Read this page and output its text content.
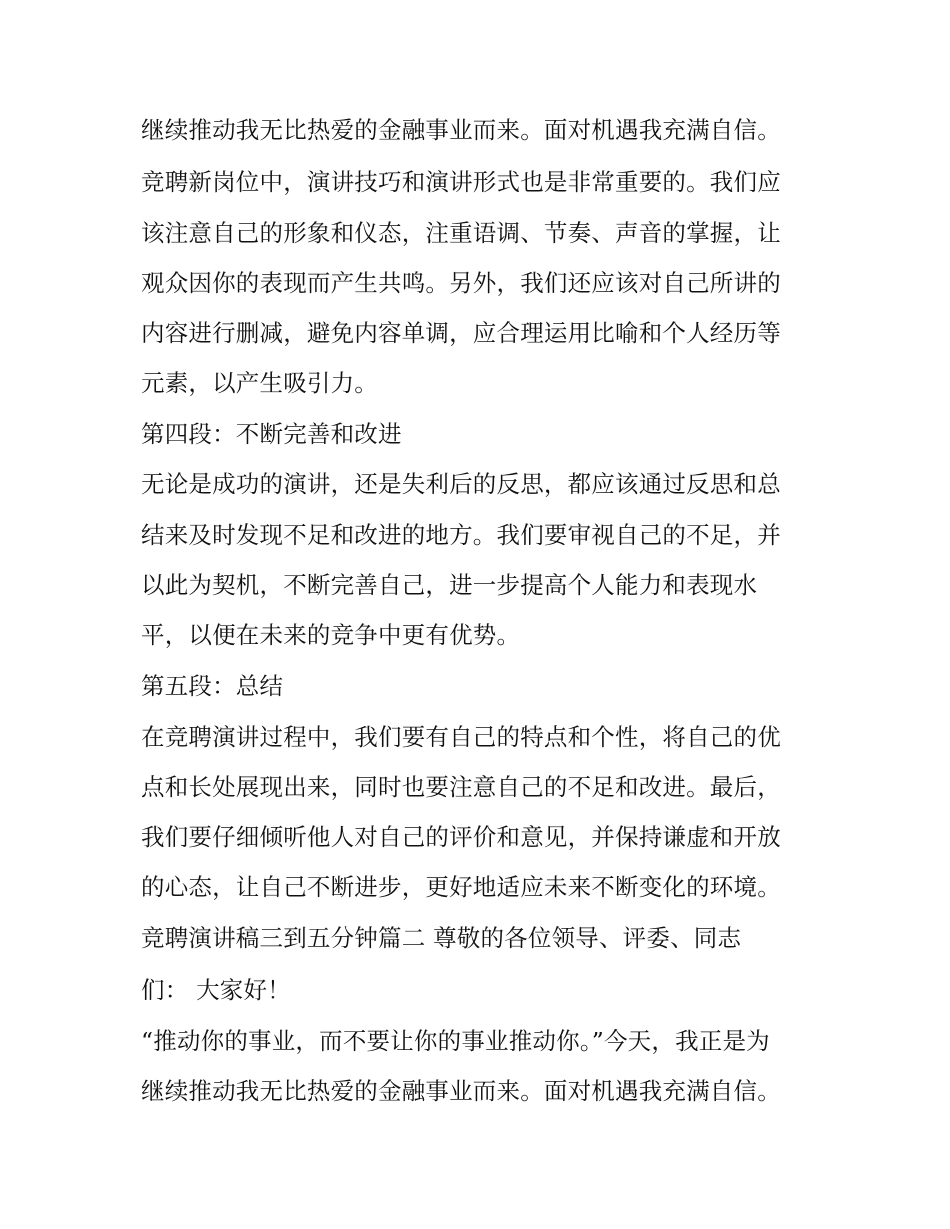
继续推动我无比热爱的金融事业而来。面对机遇我充满自信。
竞聘新岗位中，演讲技巧和演讲形式也是非常重要的。我们应
该注意自己的形象和仪态，注重语调、节奏、声音的掌握，让
观众因你的表现而产生共鸣。另外，我们还应该对自己所讲的
内容进行删减，避免内容单调，应合理运用比喻和个人经历等
元素，以产生吸引力。
第四段：不断完善和改进
无论是成功的演讲，还是失利后的反思，都应该通过反思和总
结来及时发现不足和改进的地方。我们要审视自己的不足，并
以此为契机，不断完善自己，进一步提高个人能力和表现水
平，以便在未来的竞争中更有优势。
第五段：总结
在竞聘演讲过程中，我们要有自己的特点和个性，将自己的优
点和长处展现出来，同时也要注意自己的不足和改进。最后，
我们要仔细倾听他人对自己的评价和意见，并保持谦虚和开放
的心态，让自己不断进步，更好地适应未来不断变化的环境。
竞聘演讲稿三到五分钟篇二 尊敬的各位领导、评委、同志
们： 大家好！
“推动你的事业，而不要让你的事业推动你。”今天，我正是为
继续推动我无比热爱的金融事业而来。面对机遇我充满自信。
